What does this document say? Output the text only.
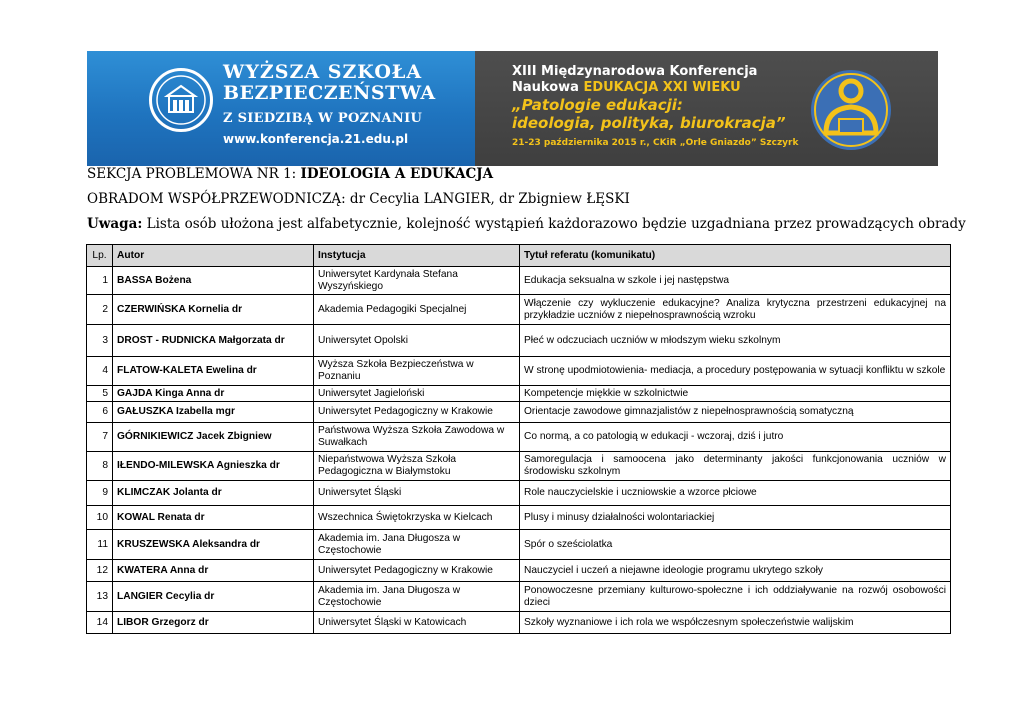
WYŻSZA SZKOŁA
BEZPIECZEŃSTWA
Z SIEDZIBĄ W POZNANIU
www.konferencja.21.edu.pl
XIII Międzynarodowa Konferencja
Naukowa EDUKACJA XXI WIEKU
„Patologie edukacji:
ideologia, polityka, biurokracja”
21-23 października 2015 r., CKiR „Orle Gniazdo” Szczyrk
SEKCJA PROBLEMOWA NR 1: IDEOLOGIA A EDUKACJA
OBRADOM WSPÓŁPRZEWODNICZĄ: dr Cecylia LANGIER, dr Zbigniew ŁĘSKI
Uwaga: Lista osób ułożona jest alfabetycznie, kolejność wystąpień każdorazowo będzie uzgadniana przez prowadzących obrady
Lp.	Autor	Instytucja	Tytuł referatu (komunikatu)
1	BASSA Bożena	Uniwersytet Kardynała Stefana Wyszyńskiego	Edukacja seksualna w szkole i jej następstwa
2	CZERWIŃSKA Kornelia dr	Akademia Pedagogiki Specjalnej	Włączenie czy wykluczenie edukacyjne? Analiza krytyczna przestrzeni edukacyjnej na przykładzie uczniów z niepełnosprawnością wzroku
3	DROST - RUDNICKA Małgorzata dr	Uniwersytet Opolski	Płeć w odczuciach uczniów w młodszym wieku szkolnym
4	FLATOW-KALETA Ewelina dr	Wyższa Szkoła Bezpieczeństwa w Poznaniu	W stronę upodmiotowienia- mediacja, a procedury postępowania w sytuacji konfliktu w szkole
5	GAJDA Kinga Anna dr	Uniwersytet Jagieloński	Kompetencje miękkie w szkolnictwie
6	GAŁUSZKA Izabella mgr	Uniwersytet Pedagogiczny w Krakowie	Orientacje zawodowe gimnazjalistów z niepełnosprawnością somatyczną
7	GÓRNIKIEWICZ Jacek Zbigniew	Państwowa Wyższa Szkoła Zawodowa w Suwałkach	Co normą, a co patologią w edukacji - wczoraj, dziś i jutro
8	IŁENDO-MILEWSKA Agnieszka dr	Niepaństwowa Wyższa Szkoła Pedagogiczna w Białymstoku	Samoregulacja i samoocena jako determinanty jakości funkcjonowania uczniów w środowisku szkolnym
9	KLIMCZAK Jolanta dr	Uniwersytet Śląski	Role nauczycielskie i uczniowskie a wzorce płciowe
10	KOWAL Renata dr	Wszechnica Świętokrzyska w Kielcach	Plusy i minusy działalności wolontariackiej
11	KRUSZEWSKA Aleksandra dr	Akademia im. Jana Długosza w Częstochowie	Spór o sześciolatka
12	KWATERA Anna dr	Uniwersytet Pedagogiczny w Krakowie	Nauczyciel i uczeń a niejawne ideologie programu ukrytego szkoły
13	LANGIER Cecylia dr	Akademia im. Jana Długosza w Częstochowie	Ponowoczesne przemiany kulturowo-społeczne i ich oddziaływanie na rozwój osobowości dzieci
14	LIBOR Grzegorz dr	Uniwersytet Śląski w Katowicach	Szkoły wyznaniowe i ich rola we współczesnym społeczeństwie walijskim
